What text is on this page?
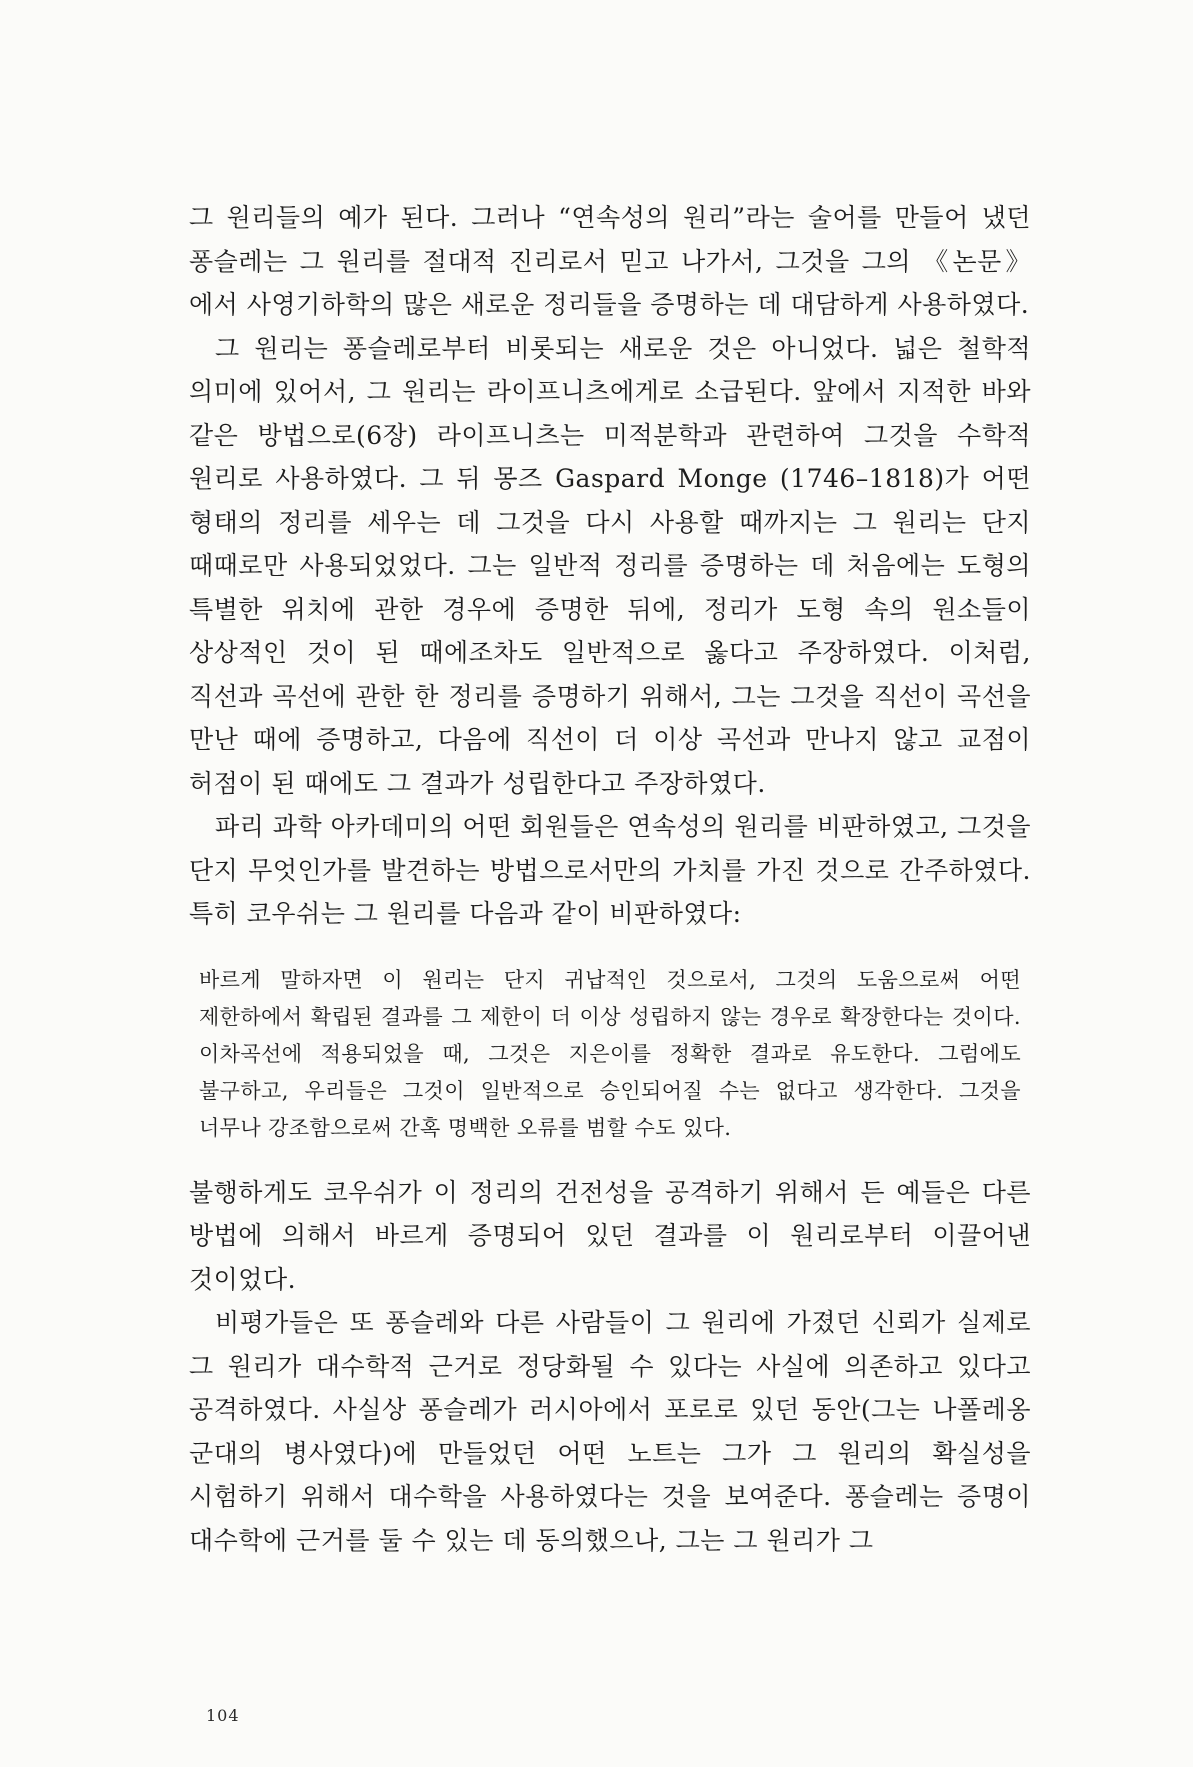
그 원리들의 예가 된다. 그러나 “연속성의 원리”라는 술어를 만들어 냈던 퐁슬레는 그 원리를 절대적 진리로서 믿고 나가서, 그것을 그의 《논문》에서 사영기하학의 많은 새로운 정리들을 증명하는 데 대담하게 사용하였다.

그 원리는 퐁슬레로부터 비롯되는 새로운 것은 아니었다. 넓은 철학적 의미에 있어서, 그 원리는 라이프니츠에게로 소급된다. 앞에서 지적한 바와 같은 방법으로(6장) 라이프니츠는 미적분학과 관련하여 그것을 수학적 원리로 사용하였다. 그 뒤 몽즈 Gaspard Monge (1746–1818)가 어떤 형태의 정리를 세우는 데 그것을 다시 사용할 때까지는 그 원리는 단지 때때로만 사용되었었다. 그는 일반적 정리를 증명하는 데 처음에는 도형의 특별한 위치에 관한 경우에 증명한 뒤에, 정리가 도형 속의 원소들이 상상적인 것이 된 때에조차도 일반적으로 옳다고 주장하였다. 이처럼, 직선과 곡선에 관한 한 정리를 증명하기 위해서, 그는 그것을 직선이 곡선을 만난 때에 증명하고, 다음에 직선이 더 이상 곡선과 만나지 않고 교점이 허점이 된 때에도 그 결과가 성립한다고 주장하였다.

파리 과학 아카데미의 어떤 회원들은 연속성의 원리를 비판하였고, 그것을 단지 무엇인가를 발견하는 방법으로서만의 가치를 가진 것으로 간주하였다. 특히 코우쉬는 그 원리를 다음과 같이 비판하였다:

바르게 말하자면 이 원리는 단지 귀납적인 것으로서, 그것의 도움으로써 어떤 제한하에서 확립된 결과를 그 제한이 더 이상 성립하지 않는 경우로 확장한다는 것이다. 이차곡선에 적용되었을 때, 그것은 지은이를 정확한 결과로 유도한다. 그럼에도 불구하고, 우리들은 그것이 일반적으로 승인되어질 수는 없다고 생각한다. 그것을 너무나 강조함으로써 간혹 명백한 오류를 범할 수도 있다.

불행하게도 코우쉬가 이 정리의 건전성을 공격하기 위해서 든 예들은 다른 방법에 의해서 바르게 증명되어 있던 결과를 이 원리로부터 이끌어낸 것이었다.

비평가들은 또 퐁슬레와 다른 사람들이 그 원리에 가졌던 신뢰가 실제로 그 원리가 대수학적 근거로 정당화될 수 있다는 사실에 의존하고 있다고 공격하였다. 사실상 퐁슬레가 러시아에서 포로로 있던 동안(그는 나폴레옹 군대의 병사였다)에 만들었던 어떤 노트는 그가 그 원리의 확실성을 시험하기 위해서 대수학을 사용하였다는 것을 보여준다. 퐁슬레는 증명이 대수학에 근거를 둘 수 있는 데 동의했으나, 그는 그 원리가 그

104
